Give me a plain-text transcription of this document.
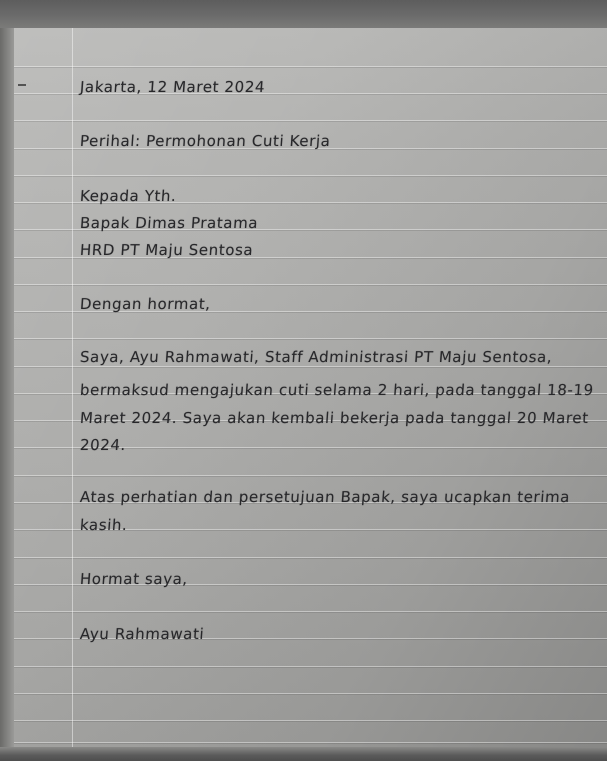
Jakarta, 12 Maret 2024
Perihal: Permohonan Cuti Kerja
Kepada Yth.
Bapak Dimas Pratama
HRD PT Maju Sentosa
Dengan hormat,
Saya, Ayu Rahmawati, Staff Administrasi PT Maju Sentosa,
bermaksud mengajukan cuti selama 2 hari, pada tanggal 18-19
Maret 2024. Saya akan kembali bekerja pada tanggal 20 Maret
2024.
Atas perhatian dan persetujuan Bapak, saya ucapkan terima
kasih.
Hormat saya,
Ayu Rahmawati
